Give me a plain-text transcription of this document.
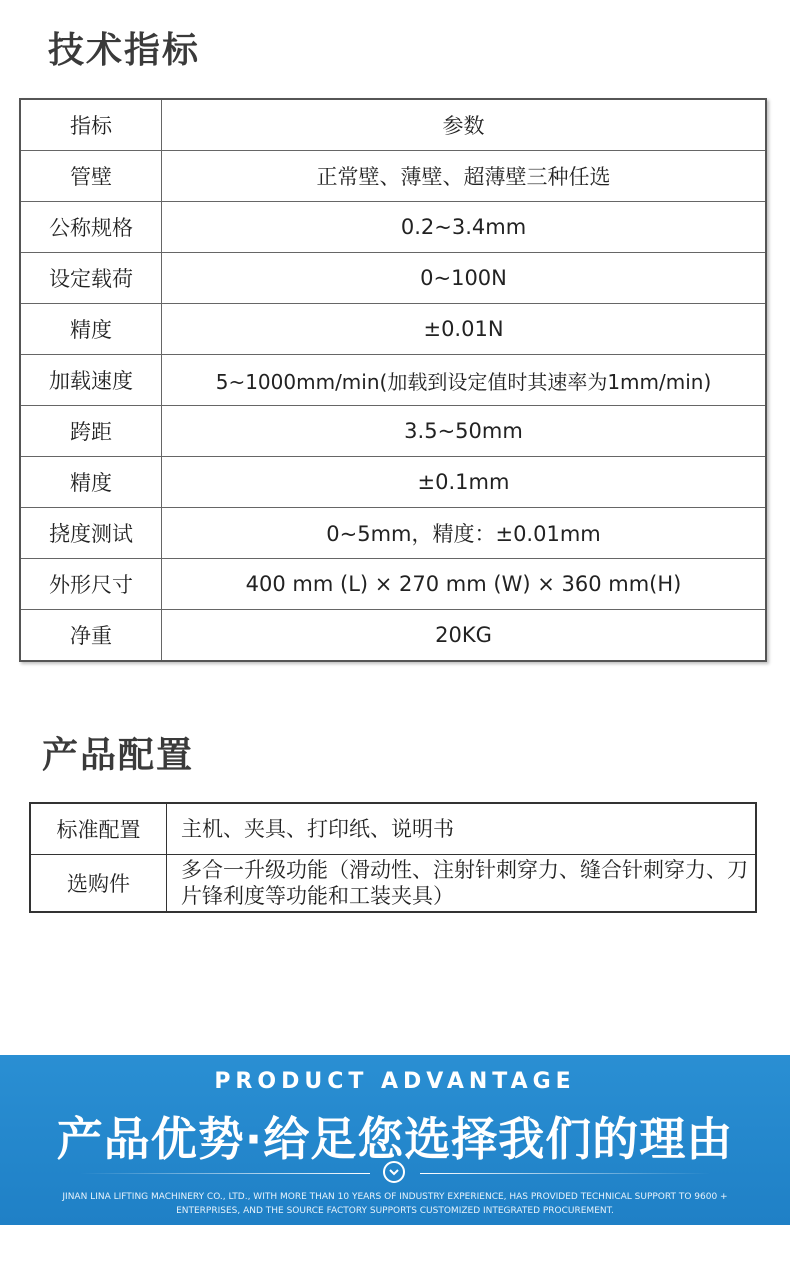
技术指标
指标	参数
管壁	正常壁、薄壁、超薄壁三种任选
公称规格	0.2~3.4mm
设定载荷	0~100N
精度	±0.01N
加载速度	5~1000mm/min(加载到设定值时其速率为1mm/min)
跨距	3.5~50mm
精度	±0.1mm
挠度测试	0~5mm，精度：±0.01mm
外形尺寸	400 mm (L) × 270 mm (W) × 360 mm(H)
净重	20KG
产品配置
标准配置	主机、夹具、打印纸、说明书
选购件	多合一升级功能（滑动性、注射针刺穿力、缝合针刺穿力、刀片锋利度等功能和工装夹具）
PRODUCT ADVANTAGE
产品优势·给足您选择我们的理由
JINAN LINA LIFTING MACHINERY CO., LTD., WITH MORE THAN 10 YEARS OF INDUSTRY EXPERIENCE, HAS PROVIDED TECHNICAL SUPPORT TO 9600 + ENTERPRISES, AND THE SOURCE FACTORY SUPPORTS CUSTOMIZED INTEGRATED PROCUREMENT.
